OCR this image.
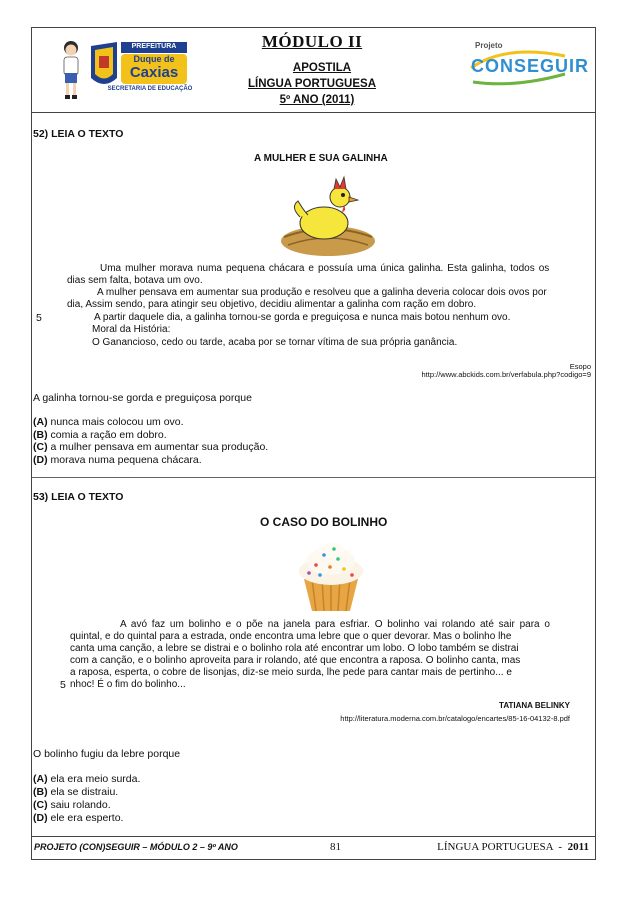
PREFEITURA
Duque de
Caxias
SECRETARIA DE EDUCAÇÃO
MÓDULO II
APOSTILA
LÍNGUA PORTUGUESA
5º ANO (2011)
Projeto
CONSEGUIR
52) LEIA O TEXTO
A MULHER E SUA GALINHA
Uma mulher morava numa pequena chácara e possuía uma única galinha. Esta galinha, todos os
dias sem falta, botava um ovo.
A mulher pensava em aumentar sua produção e resolveu que a galinha deveria colocar dois ovos por
dia, Assim sendo, para atingir seu objetivo, decidiu alimentar a galinha com ração em dobro.
5	A partir daquele dia, a galinha tornou-se gorda e preguiçosa e nunca mais botou nenhum ovo.
Moral da História:
O Ganancioso, cedo ou tarde, acaba por se tornar vítima de sua própria ganância.
Esopo
http://www.abckids.com.br/verfabula.php?codigo=9
A galinha tornou-se gorda e preguiçosa porque
(A) nunca mais colocou um ovo.
(B) comia a ração em dobro.
(C) a mulher pensava em aumentar sua produção.
(D) morava numa pequena chácara.
53) LEIA O TEXTO
O CASO DO BOLINHO
A avó faz um bolinho e o põe na janela para esfriar. O bolinho vai rolando até sair para o
quintal, e do quintal para a estrada, onde encontra uma lebre que o quer devorar. Mas o bolinho lhe
canta uma canção, a lebre se distrai e o bolinho rola até encontrar um lobo. O lobo também se distrai
com a canção, e o bolinho aproveita para ir rolando, até que encontra a raposa. O bolinho canta, mas
a raposa, esperta, o cobre de lisonjas, diz-se meio surda, lhe pede para cantar mais de pertinho... e
5 nhoc! É o fim do bolinho...
TATIANA BELINKY
http://literatura.moderna.com.br/catalogo/encartes/85-16-04132-8.pdf
O bolinho fugiu da lebre porque
(A) ela era meio surda.
(B) ela se distraiu.
(C) saiu rolando.
(D) ele era esperto.
PROJETO (CON)SEGUIR – MÓDULO 2 – 9º ANO	81	LÍNGUA PORTUGUESA  -  2011
